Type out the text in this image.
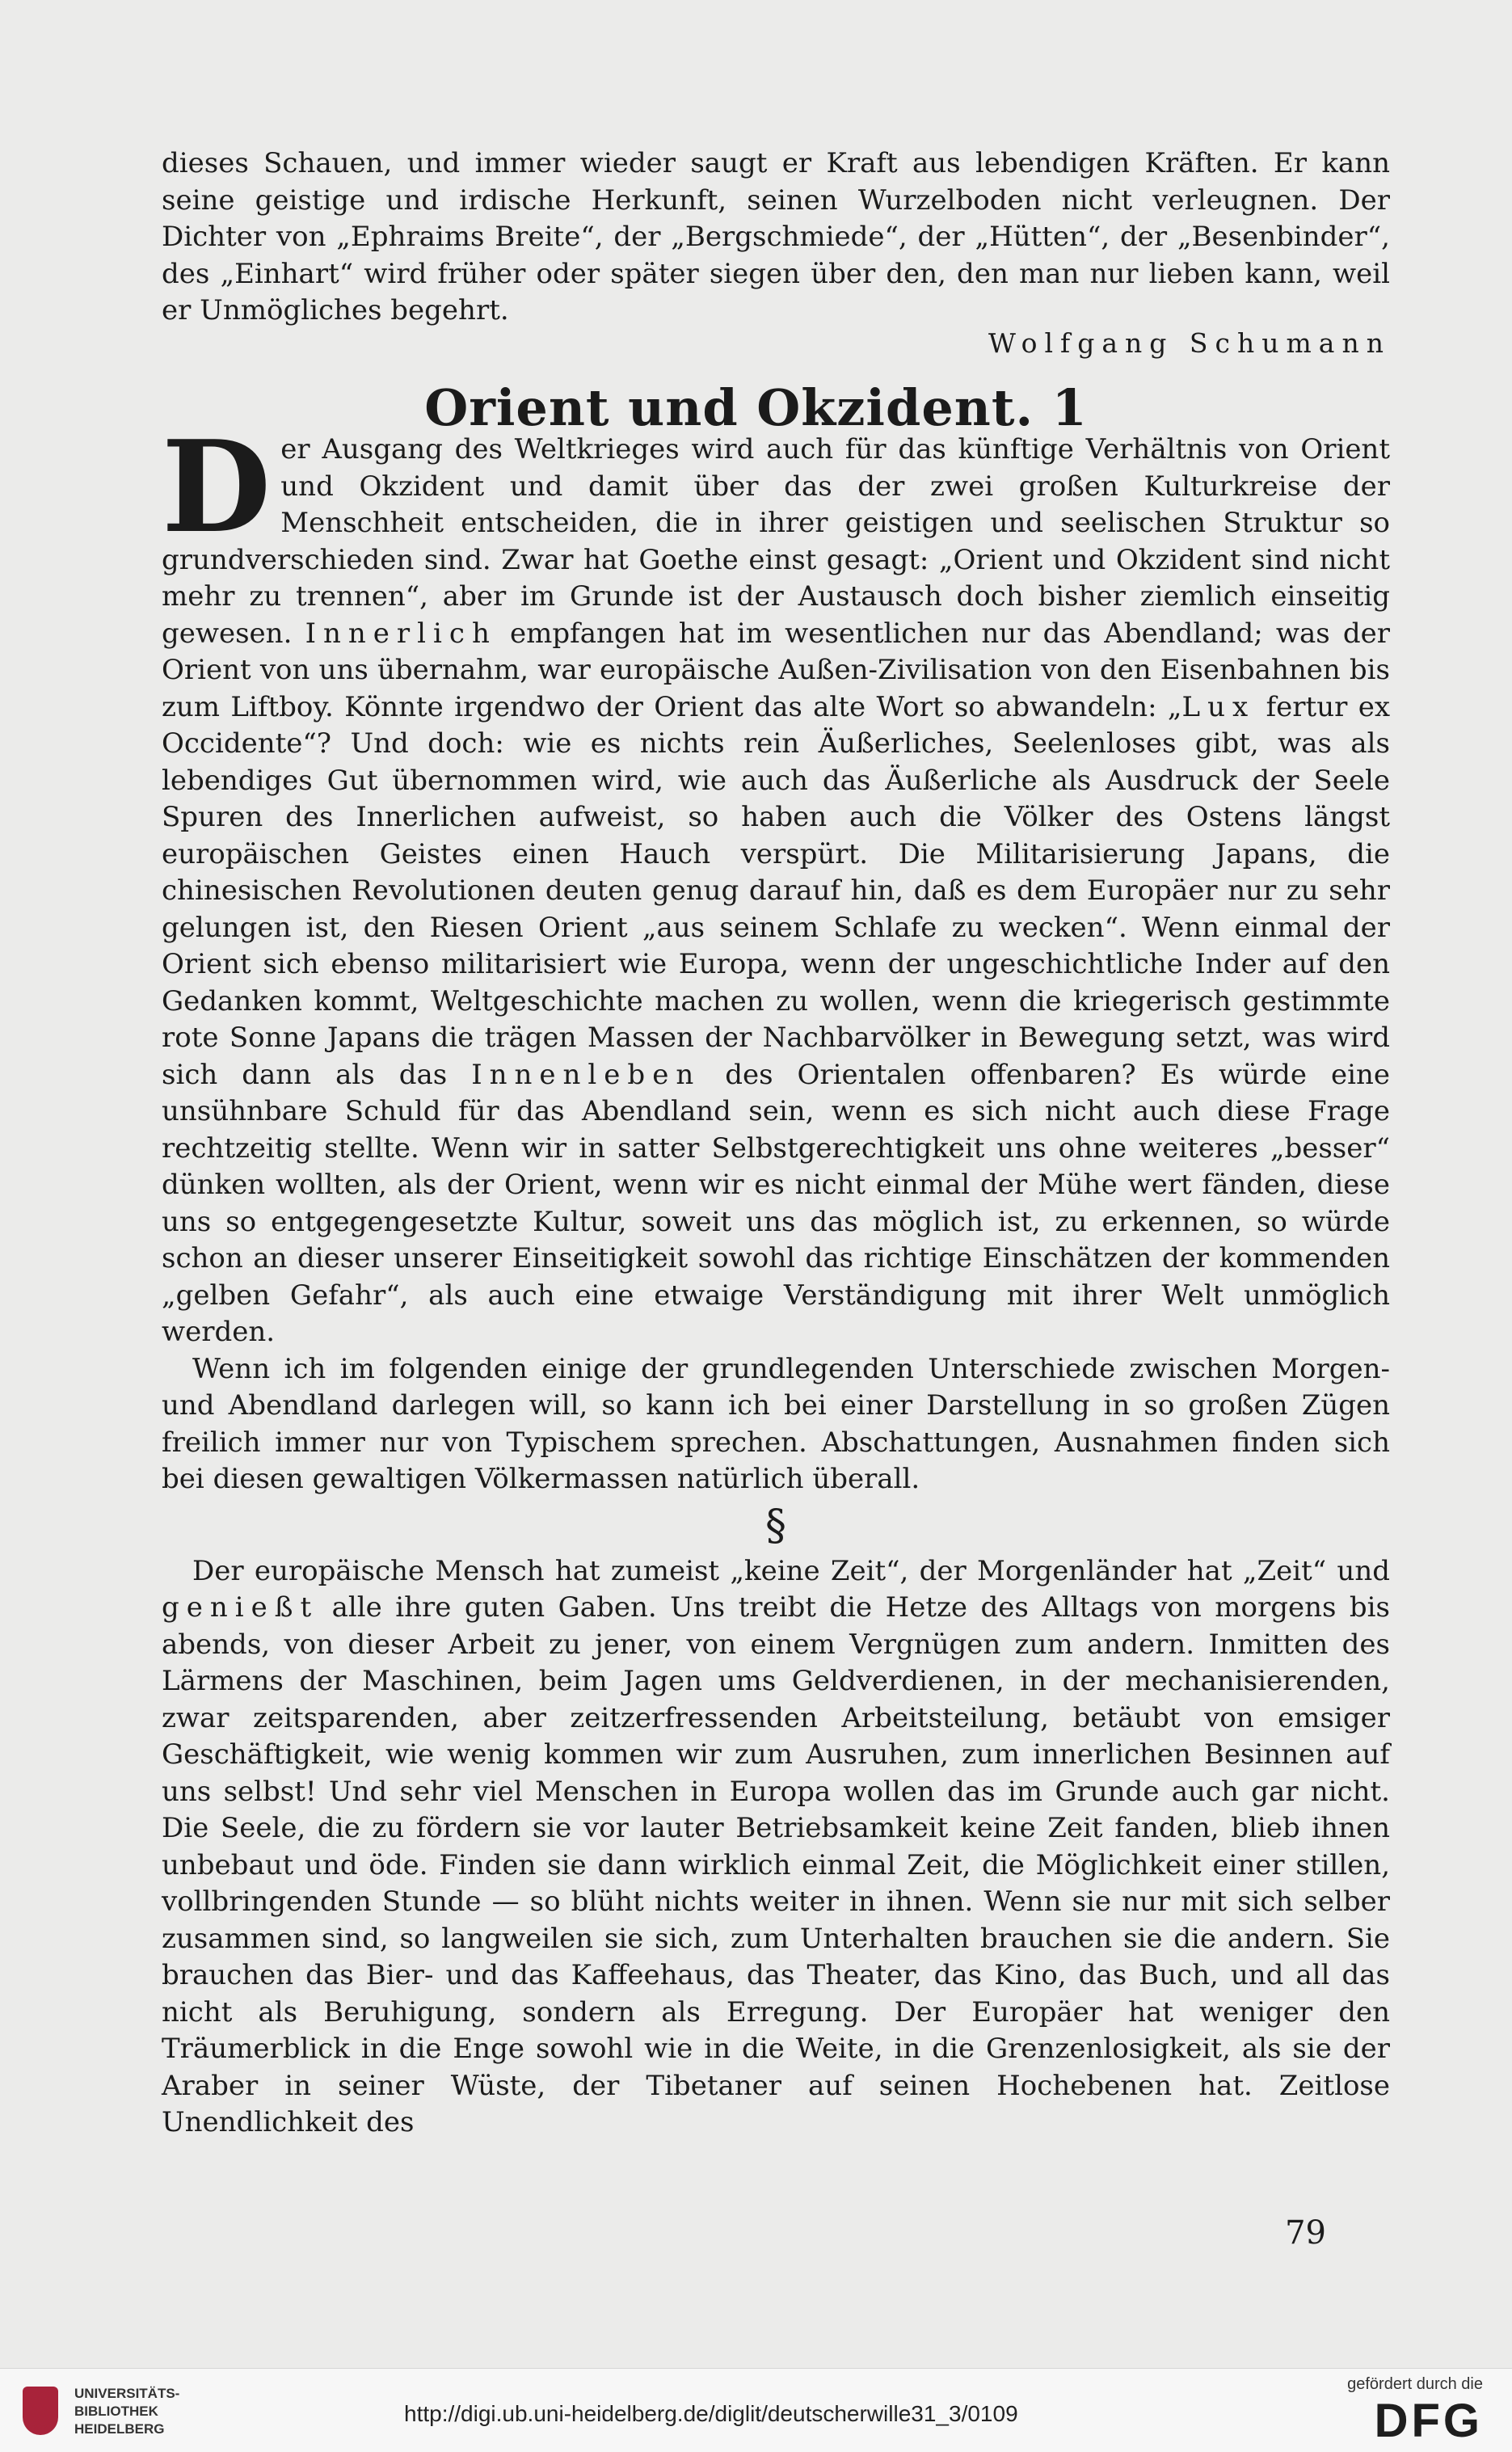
dieses Schauen, und immer wieder saugt er Kraft aus lebendigen Kräften. Er kann seine geistige und irdische Herkunft, seinen Wurzelboden nicht verleugnen. Der Dichter von „Ephraims Breite“, der „Bergschmiede“, der „Hütten“, der „Besenbinder“, des „Einhart“ wird früher oder später siegen über den, den man nur lieben kann, weil er Unmögliches begehrt.
Wolfgang Schumann
Orient und Okzident. 1

Der Ausgang des Weltkrieges wird auch für das künftige Verhältnis von Orient und Okzident und damit über das der zwei großen Kulturkreise der Menschheit entscheiden, die in ihrer geistigen und seelischen Struktur so grundverschieden sind. Zwar hat Goethe einst gesagt: „Orient und Okzident sind nicht mehr zu trennen“, aber im Grunde ist der Austausch doch bisher ziemlich einseitig gewesen. Innerlich empfangen hat im wesentlichen nur das Abendland; was der Orient von uns übernahm, war europäische Außen-Zivilisation von den Eisenbahnen bis zum Liftboy. Könnte irgendwo der Orient das alte Wort so abwandeln: „Lux fertur ex Occidente“? Und doch: wie es nichts rein Äußerliches, Seelenloses gibt, was als lebendiges Gut übernommen wird, wie auch das Äußerliche als Ausdruck der Seele Spuren des Innerlichen aufweist, so haben auch die Völker des Ostens längst europäischen Geistes einen Hauch verspürt. Die Militarisierung Japans, die chinesischen Revolutionen deuten genug darauf hin, daß es dem Europäer nur zu sehr gelungen ist, den Riesen Orient „aus seinem Schlafe zu wecken“. Wenn einmal der Orient sich ebenso militarisiert wie Europa, wenn der ungeschichtliche Inder auf den Gedanken kommt, Weltgeschichte machen zu wollen, wenn die kriegerisch gestimmte rote Sonne Japans die trägen Massen der Nachbarvölker in Bewegung setzt, was wird sich dann als das Innenleben des Orientalen offenbaren? Es würde eine unsühnbare Schuld für das Abendland sein, wenn es sich nicht auch diese Frage rechtzeitig stellte. Wenn wir in satter Selbstgerechtigkeit uns ohne weiteres „besser“ dünken wollten, als der Orient, wenn wir es nicht einmal der Mühe wert fänden, diese uns so entgegengesetzte Kultur, soweit uns das möglich ist, zu erkennen, so würde schon an dieser unserer Einseitigkeit sowohl das richtige Einschätzen der kommenden „gelben Gefahr“, als auch eine etwaige Verständigung mit ihrer Welt unmöglich werden.

Wenn ich im folgenden einige der grundlegenden Unterschiede zwischen Morgen- und Abendland darlegen will, so kann ich bei einer Darstellung in so großen Zügen freilich immer nur von Typischem sprechen. Abschattungen, Ausnahmen finden sich bei diesen gewaltigen Völkermassen natürlich überall.

§

Der europäische Mensch hat zumeist „keine Zeit“, der Morgenländer hat „Zeit“ und genießt alle ihre guten Gaben. Uns treibt die Hetze des Alltags von morgens bis abends, von dieser Arbeit zu jener, von einem Vergnügen zum andern. Inmitten des Lärmens der Maschinen, beim Jagen ums Geldverdienen, in der mechanisierenden, zwar zeitsparenden, aber zeitzerfressenden Arbeitsteilung, betäubt von emsiger Geschäftigkeit, wie wenig kommen wir zum Ausruhen, zum innerlichen Besinnen auf uns selbst! Und sehr viel Menschen in Europa wollen das im Grunde auch gar nicht. Die Seele, die zu fördern sie vor lauter Betriebsamkeit keine Zeit fanden, blieb ihnen unbebaut und öde. Finden sie dann wirklich einmal Zeit, die Möglichkeit einer stillen, vollbringenden Stunde — so blüht nichts weiter in ihnen. Wenn sie nur mit sich selber zusammen sind, so langweilen sie sich, zum Unterhalten brauchen sie die andern. Sie brauchen das Bier- und das Kaffeehaus, das Theater, das Kino, das Buch, und all das nicht als Beruhigung, sondern als Erregung. Der Europäer hat weniger den Träumerblick in die Enge sowohl wie in die Weite, in die Grenzenlosigkeit, als sie der Araber in seiner Wüste, der Tibetaner auf seinen Hochebenen hat. Zeitlose Unendlichkeit des

79
UNIVERSITÄTS-
BIBLIOTHEK
HEIDELBERG
http://digi.ub.uni-heidelberg.de/diglit/deutscherwille31_3/0109
gefördert durch die
DFG
